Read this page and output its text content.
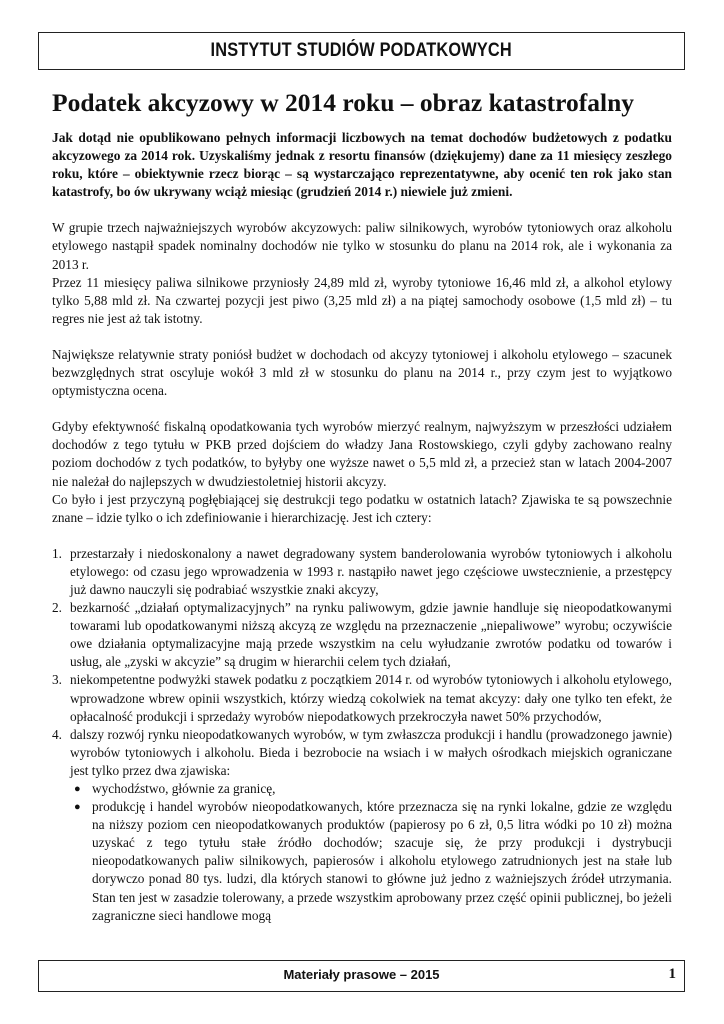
INSTYTUT STUDIÓW PODATKOWYCH
Podatek akcyzowy w 2014 roku – obraz katastrofalny

Jak dotąd nie opublikowano pełnych informacji liczbowych na temat dochodów budżetowych z podatku akcyzowego za 2014 rok. Uzyskaliśmy jednak z resortu finansów (dziękujemy) dane za 11 miesięcy zeszłego roku, które – obiektywnie rzecz biorąc – są wystarczająco reprezentatywne, aby ocenić ten rok jako stan katastrofy, bo ów ukrywany wciąż miesiąc (grudzień 2014 r.) niewiele już zmieni.

W grupie trzech najważniejszych wyrobów akcyzowych: paliw silnikowych, wyrobów tytoniowych oraz alkoholu etylowego nastąpił spadek nominalny dochodów nie tylko w stosunku do planu na 2014 rok, ale i wykonania za 2013 r.

Przez 11 miesięcy paliwa silnikowe przyniosły 24,89 mld zł, wyroby tytoniowe 16,46 mld zł, a alkohol etylowy tylko 5,88 mld zł. Na czwartej pozycji jest piwo (3,25 mld zł) a na piątej samochody osobowe (1,5 mld zł) – tu regres nie jest aż tak istotny.

Największe relatywnie straty poniósł budżet w dochodach od akcyzy tytoniowej i alkoholu etylowego – szacunek bezwzględnych strat oscyluje wokół 3 mld zł w stosunku do planu na 2014 r., przy czym jest to wyjątkowo optymistyczna ocena.

Gdyby efektywność fiskalną opodatkowania tych wyrobów mierzyć realnym, najwyższym w przeszłości udziałem dochodów z tego tytułu w PKB przed dojściem do władzy Jana Rostowskiego, czyli gdyby zachowano realny poziom dochodów z tych podatków, to byłyby one wyższe nawet o 5,5 mld zł, a przecież stan w latach 2004-2007 nie należał do najlepszych w dwudziestoletniej historii akcyzy.

Co było i jest przyczyną pogłębiającej się destrukcji tego podatku w ostatnich latach? Zjawiska te są powszechnie znane – idzie tylko o ich zdefiniowanie i hierarchizację. Jest ich cztery:

1. przestarzały i niedoskonalony a nawet degradowany system banderolowania wyrobów tytoniowych i alkoholu etylowego: od czasu jego wprowadzenia w 1993 r. nastąpiło nawet jego częściowe uwstecznienie, a przestępcy już dawno nauczyli się podrabiać wszystkie znaki akcyzy,
2. bezkarność „działań optymalizacyjnych” na rynku paliwowym, gdzie jawnie handluje się nieopodatkowanymi towarami lub opodatkowanymi niższą akcyzą ze względu na przeznaczenie „niepaliwowe” wyrobu; oczywiście owe działania optymalizacyjne mają przede wszystkim na celu wyłudzanie zwrotów podatku od towarów i usług, ale „zyski w akcyzie” są drugim w hierarchii celem tych działań,
3. niekompetentne podwyżki stawek podatku z początkiem 2014 r. od wyrobów tytoniowych i alkoholu etylowego, wprowadzone wbrew opinii wszystkich, którzy wiedzą cokolwiek na temat akcyzy: dały one tylko ten efekt, że opłacalność produkcji i sprzedaży wyrobów niepodatkowych przekroczyła nawet 50% przychodów,
4. dalszy rozwój rynku nieopodatkowanych wyrobów, w tym zwłaszcza produkcji i handlu (prowadzonego jawnie) wyrobów tytoniowych i alkoholu. Bieda i bezrobocie na wsiach i w małych ośrodkach miejskich ograniczane jest tylko przez dwa zjawiska:
● wychodźstwo, głównie za granicę,
● produkcję i handel wyrobów nieopodatkowanych, które przeznacza się na rynki lokalne, gdzie ze względu na niższy poziom cen nieopodatkowanych produktów (papierosy po 6 zł, 0,5 litra wódki po 10 zł) można uzyskać z tego tytułu stałe źródło dochodów; szacuje się, że przy produkcji i dystrybucji nieopodatkowanych paliw silnikowych, papierosów i alkoholu etylowego zatrudnionych jest na stałe lub dorywczo ponad 80 tys. ludzi, dla których stanowi to główne już jedno z ważniejszych źródeł utrzymania. Stan ten jest w zasadzie tolerowany, a przede wszystkim aprobowany przez część opinii publicznej, bo jeżeli zagraniczne sieci handlowe mogą
Materiały prasowe – 2015	1
